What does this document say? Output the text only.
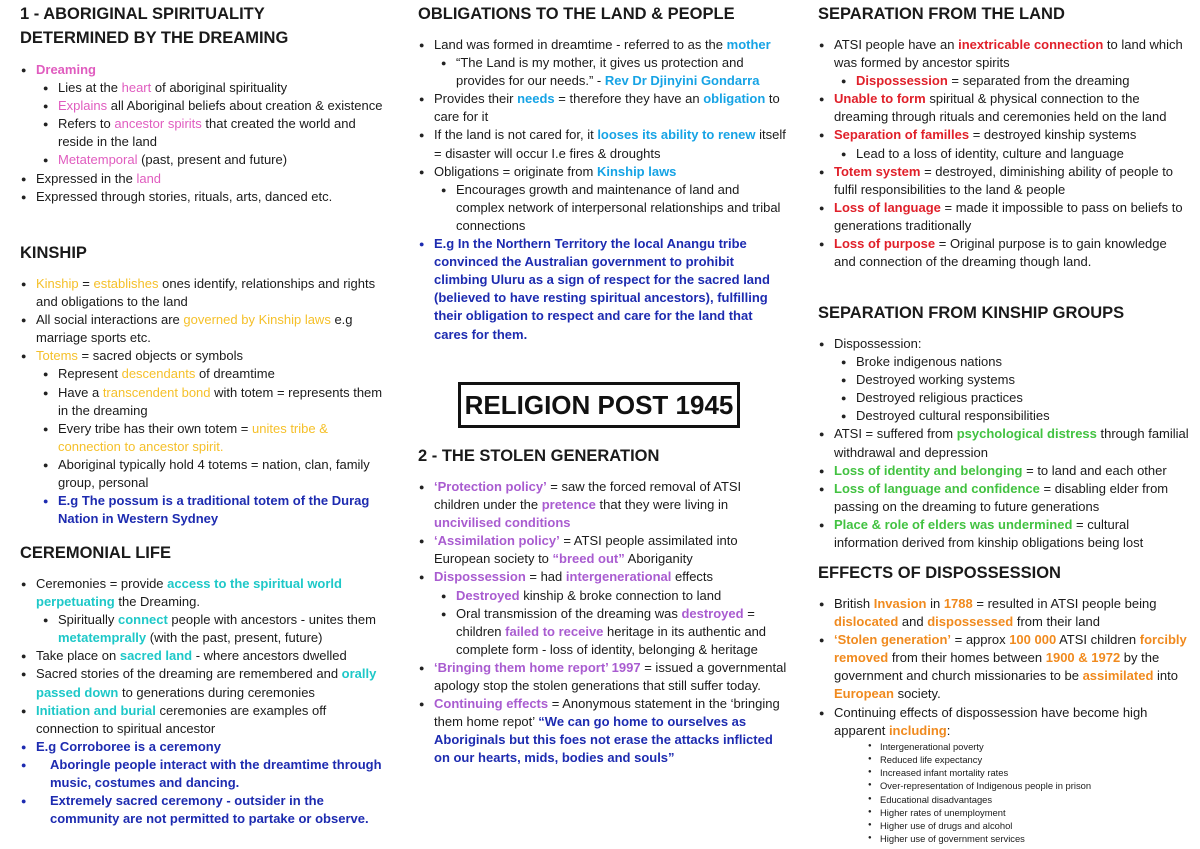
1 - ABORIGINAL SPIRITUALITY
DETERMINED BY THE DREAMING
● Dreaming
● Lies at the heart of aboriginal spirituality
● Explains all Aboriginal beliefs about creation & existence
● Refers to ancestor spirits that created the world and reside in the land
● Metatemporal (past, present and future)
● Expressed in the land
● Expressed through stories, rituals, arts, danced etc.
KINSHIP
● Kinship = establishes ones identify, relationships and rights and obligations to the land
● All social interactions are governed by Kinship laws e.g marriage sports etc.
● Totems = sacred objects or symbols
● Represent descendants of dreamtime
● Have a transcendent bond with totem = represents them in the dreaming
● Every tribe has their own totem = unites tribe & connection to ancestor spirit.
● Aboriginal typically hold 4 totems = nation, clan, family group, personal
● E.g The possum is a traditional totem of the Durag Nation in Western Sydney
CEREMONIAL LIFE
● Ceremonies = provide access to the spiritual world perpetuating the Dreaming.
● Spiritually connect people with ancestors - unites them metatemprally (with the past, present, future)
● Take place on sacred land - where ancestors dwelled
● Sacred stories of the dreaming are remembered and orally passed down to generations during ceremonies
● Initiation and burial ceremonies are examples off connection to spiritual ancestor
● E.g Corroboree is a ceremony
● Aboringle people interact with the dreamtime through music, costumes and dancing.
● Extremely sacred ceremony - outsider in the community are not permitted to partake or observe.
OBLIGATIONS TO THE LAND & PEOPLE
● Land was formed in dreamtime - referred to as the mother
● “The Land is my mother, it gives us protection and provides for our needs.” - Rev Dr Djinyini Gondarra
● Provides their needs = therefore they have an obligation to care for it
● If the land is not cared for, it looses its ability to renew itself = disaster will occur I.e fires & droughts
● Obligations = originate from Kinship laws
● Encourages growth and maintenance of land and complex network of interpersonal relationships and tribal connections
● E.g In the Northern Territory the local Anangu tribe convinced the Australian government to prohibit climbing Uluru as a sign of respect for the sacred land (believed to have resting spiritual ancestors), fulfilling their obligation to respect and care for the land that cares for them.
RELIGION POST 1945
2 - THE STOLEN GENERATION
● ‘Protection policy’ = saw the forced removal of ATSI children under the pretence that they were living in uncivilised conditions
● ‘Assimilation policy’ = ATSI people assimilated into European society to “breed out” Aboriganity
● Dispossession = had intergenerational effects
● Destroyed kinship & broke connection to land
● Oral transmission of the dreaming was destroyed = children failed to receive heritage in its authentic and complete form - loss of identity, belonging & heritage
● ‘Bringing them home report’ 1997 = issued a governmental apology stop the stolen generations that still suffer today.
● Continuing effects = Anonymous statement in the ‘bringing them home repot’ “We can go home to ourselves as Aboriginals but this foes not erase the attacks inflicted on our hearts, mids, bodies and souls”
SEPARATION FROM THE LAND
● ATSI people have an inextricable connection to land which was formed by ancestor spirits
● Dispossession = separated from the dreaming
● Unable to form spiritual & physical connection to the dreaming through rituals and ceremonies held on the land
● Separation of familles = destroyed kinship systems
● Lead to a loss of identity, culture and language
● Totem system = destroyed, diminishing ability of people to fulfil responsibilities to the land & people
● Loss of language = made it impossible to pass on beliefs to generations traditionally
● Loss of purpose = Original purpose is to gain knowledge and connection of the dreaming though land.
SEPARATION FROM KINSHIP GROUPS
● Dispossession:
● Broke indigenous nations
● Destroyed working systems
● Destroyed religious practices
● Destroyed cultural responsibilities
● ATSI = suffered from psychological distress through familial withdrawal and depression
● Loss of identity and belonging = to land and each other
● Loss of language and confidence = disabling elder from passing on the dreaming to future generations
● Place & role of elders was undermined = cultural information derived from kinship obligations being lost
EFFECTS OF DISPOSSESSION
● British Invasion in 1788 = resulted in ATSI people being dislocated and dispossessed from their land
● ‘Stolen generation’ = approx 100 000 ATSI children forcibly removed from their homes between 1900 & 1972 by the government and church missionaries to be assimilated into European society.
● Continuing effects of dispossession have become high apparent including:
● Intergenerational poverty
● Reduced life expectancy
● Increased infant mortality rates
● Over-representation of Indigenous people in prison
● Educational disadvantages
● Higher rates of unemployment
● Higher use of drugs and alcohol
● Higher use of government services
